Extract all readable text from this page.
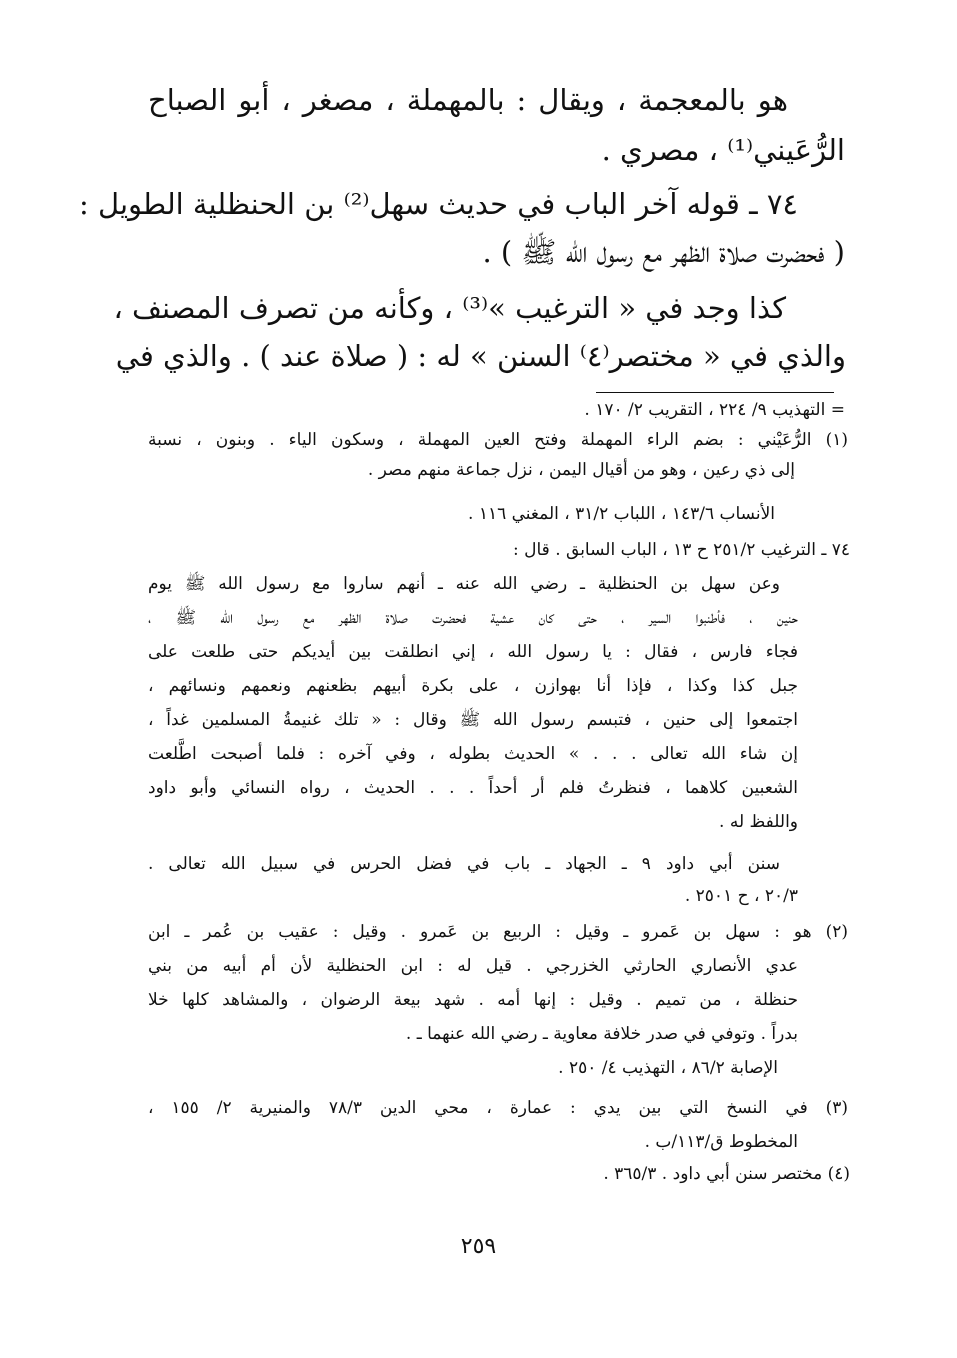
هو بالمعجمة ، ويقال : بالمهملة ، مصغر ، أبو الصباح
الرُّعَيني⁽¹⁾ ، مصري .
٧٤ ـ قوله آخر الباب في حديث سهل⁽²⁾ بن الحنظلية الطويل :
( فحضرت صلاة الظهر مع رسول الله ﷺ ) .
كذا وجد في « الترغيب »⁽³⁾ ، وكأنه من تصرف المصنف ،
والذي في « مختصر⁽٤⁾ السنن » له : ( صلاة عند ) . والذي في
= التهذيب ٩/ ٢٢٤ ، التقريب ٢/ ١٧٠ .
(١) الرُّعَيْني : بضم الراء المهملة وفتح العين المهملة ، وسكون الياء . وبنون ، نسبة
إلى ذي رعين ، وهو من أقيال اليمن ، نزل جماعة منهم مصر .
الأنساب ١٤٣/٦ ، اللباب ٣١/٢ ، المغني ١١٦ .
٧٤ ـ الترغيب ٢٥١/٢ ح ١٣ ، الباب السابق . قال :
وعن سهل بن الحنظلية ـ رضي الله عنه ـ أنهم ساروا مع رسول الله ﷺ يوم
حنين ، فأطنبوا السير ، حتى كان عشية فحضرت صلاة الظهر مع رسول الله ﷺ ،
فجاء فارس ، فقال : يا رسول الله ، إني انطلقت بين أيديكم حتى طلعت على
جبل كذا وكذا ، فإذا أنا بهوازن ، على بكرة أبيهم بظعنهم ونعمهم ونسائهم ،
اجتمعوا إلى حنين ، فتبسم رسول الله ﷺ وقال : « تلك غنيمةُ المسلمين غداً ،
إن شاء الله تعالى . . . » الحديث بطوله ، وفي آخره : فلما أصبحت اطَّلعت
الشعبين كلاهما ، فنظرتُ فلم أر أحداً . . . الحديث ، رواه النسائي وأبو داود
واللفظ له .
سنن أبي داود ٩ ـ الجهاد ـ باب في فضل الحرس في سبيل الله تعالى .
٢٠/٣ ، ح ٢٥٠١ .
(٢) هو : سهل بن عَمرو ـ وقيل : الربيع بن عَمرو . وقيل : عقيب بن عُمر ـ ابن
عدي الأنصاري الحارثي الخزرجي . قيل له : ابن الحنظلية لأن أم أبيه من بني
حنظلة ، من تميم . وقيل : إنها أمه . شهد بيعة الرضوان ، والمشاهد كلها خلا
بدراً . وتوفي في صدر خلافة معاوية ـ رضي الله عنهما ـ .
الإصابة ٨٦/٢ ، التهذيب ٤/ ٢٥٠ .
(٣) في النسخ التي بين يدي : عمارة ، محي الدين ٧٨/٣ والمنيرية ٢/ ١٥٥ ،
المخطوط ق/١١٣/ب .
(٤) مختصر سنن أبي داود . ٣٦٥/٣ .
٢٥٩
